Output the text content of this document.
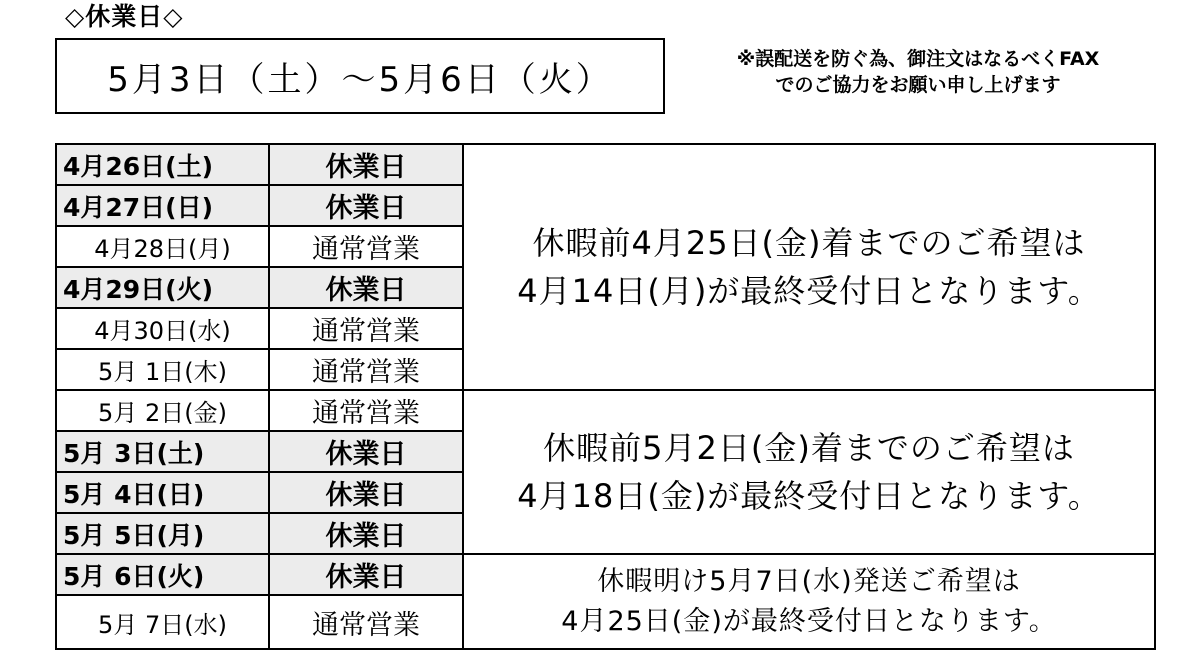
◇休業日◇
5月3日（土）～5月6日（火）
※誤配送を防ぐ為、御注文はなるべくFAX
でのご協力をお願い申し上げます
4月26日(土)	休業日	休暇前4月25日(金)着までのご希望は
4月14日(月)が最終受付日となります。

4月27日(日)	休業日	
4月28日(月)	通常営業	
4月29日(火)	休業日	
4月30日(水)	通常営業	
5月 1日(木)	通常営業	
5月 2日(金)	通常営業	休暇前5月2日(金)着までのご希望は
4月18日(金)が最終受付日となります。

5月 3日(土)	休業日	
5月 4日(日)	休業日	
5月 5日(月)	休業日	
5月 6日(火)	休業日	休暇明け5月7日(水)発送ご希望は
4月25日(金)が最終受付日となります。

5月 7日(水)	通常営業	
